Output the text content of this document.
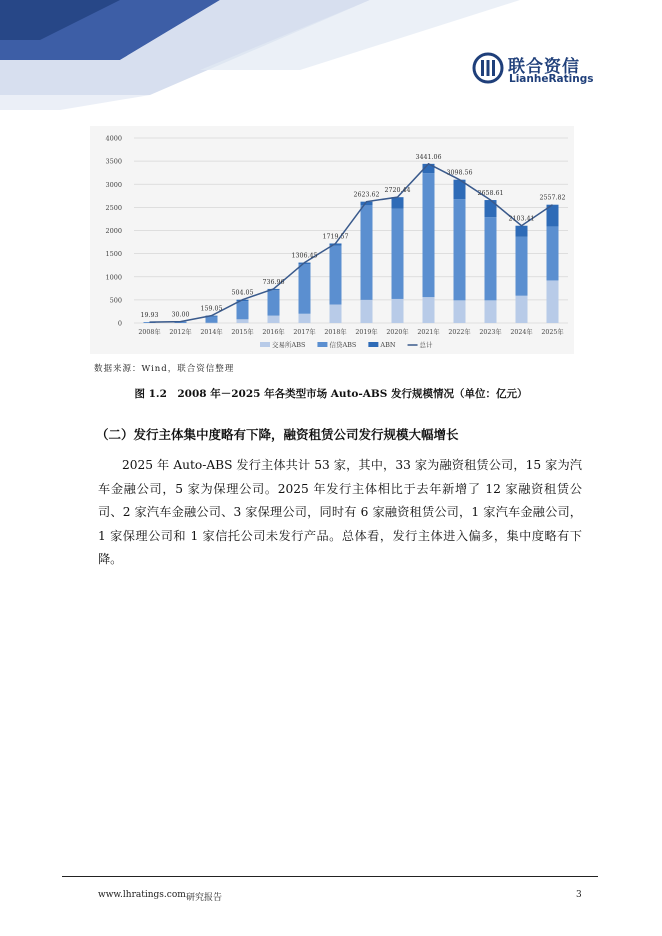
联合资信
LianheRatings
0
500
1000
1500
2000
2500
3000
3500
4000
2008年 2012年 2014年 2015年 2016年 2017年 2018年 2019年 2020年 2021年 2022年 2023年 2024年 2025年
19.93 30.00
159.05
504.05
736.96
1306.45
1719.57
2623.62
2720.44
3441.06
3098.56
2658.61
2103.41
2557.82
交易所ABS	信贷ABS	ABN	总计
数据来源：Wind，联合资信整理
图 1.2　2008 年－2025 年各类型市场 Auto-ABS 发行规模情况（单位：亿元）
（二）发行主体集中度略有下降，融资租赁公司发行规模大幅增长
2025 年 Auto-ABS 发行主体共计 53 家，其中，33 家为融资租赁公司，15 家为汽车金融公司，5 家为保理公司。2025 年发行主体相比于去年新增了 12 家融资租赁公司、2 家汽车金融公司、3 家保理公司，同时有 6 家融资租赁公司，1 家汽车金融公司，1 家保理公司和 1 家信托公司未发行产品。总体看，发行主体进入偏多，集中度略有下降。
www.lhratings.com 研究报告	3
